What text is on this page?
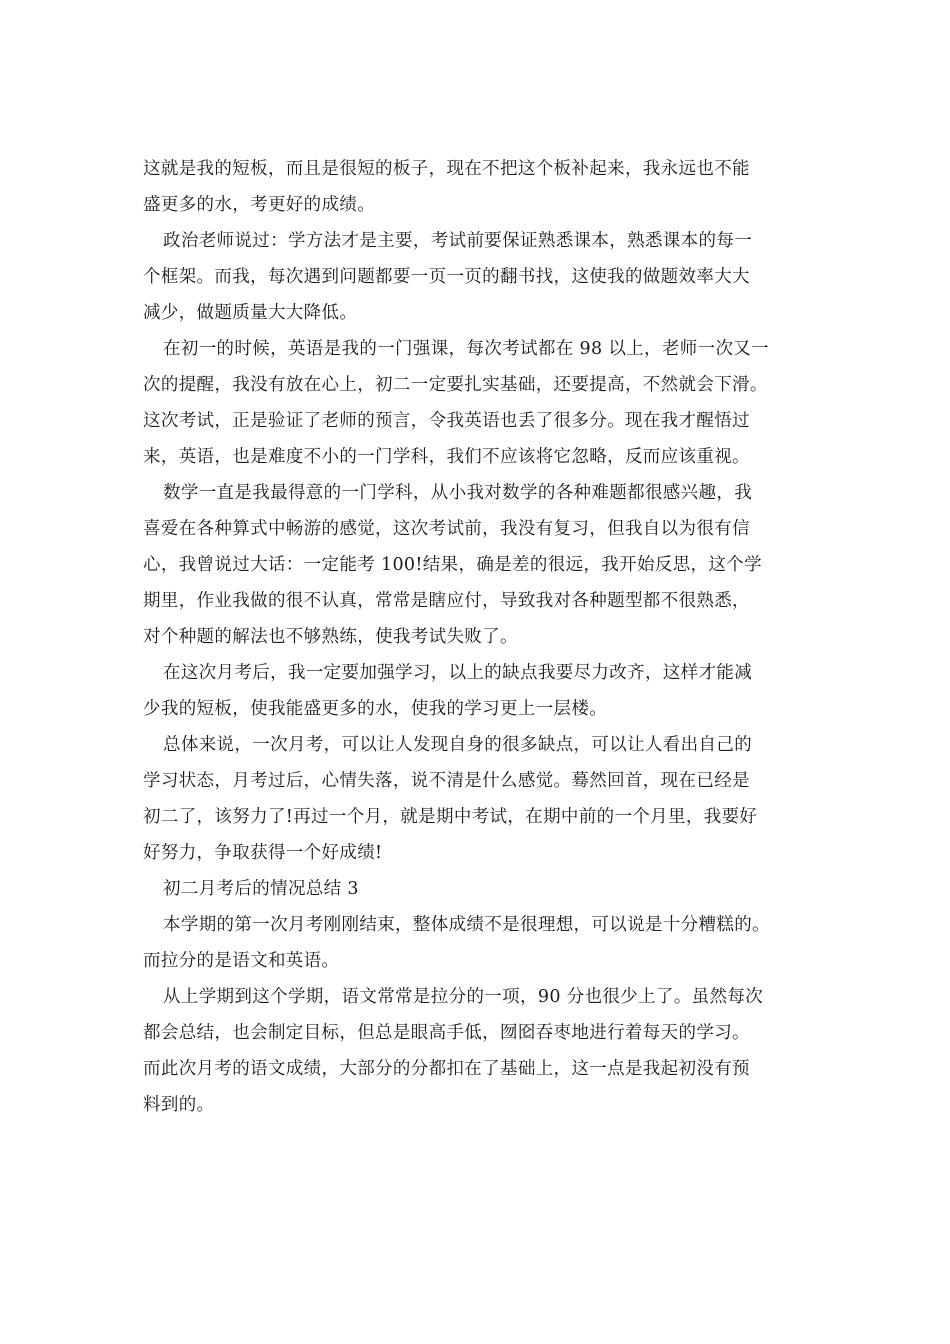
这就是我的短板，而且是很短的板子，现在不把这个板补起来，我永远也不能
盛更多的水，考更好的成绩。
政治老师说过：学方法才是主要，考试前要保证熟悉课本，熟悉课本的每一
个框架。而我，每次遇到问题都要一页一页的翻书找，这使我的做题效率大大
减少，做题质量大大降低。
在初一的时候，英语是我的一门强课，每次考试都在 98 以上，老师一次又一
次的提醒，我没有放在心上，初二一定要扎实基础，还要提高，不然就会下滑。
这次考试，正是验证了老师的预言，令我英语也丢了很多分。现在我才醒悟过
来，英语，也是难度不小的一门学科，我们不应该将它忽略，反而应该重视。
数学一直是我最得意的一门学科，从小我对数学的各种难题都很感兴趣，我
喜爱在各种算式中畅游的感觉，这次考试前，我没有复习，但我自以为很有信
心，我曾说过大话：一定能考 100!结果，确是差的很远，我开始反思，这个学
期里，作业我做的很不认真，常常是瞎应付，导致我对各种题型都不很熟悉，
对个种题的解法也不够熟练，使我考试失败了。
在这次月考后，我一定要加强学习，以上的缺点我要尽力改齐，这样才能减
少我的短板，使我能盛更多的水，使我的学习更上一层楼。
总体来说，一次月考，可以让人发现自身的很多缺点，可以让人看出自己的
学习状态，月考过后，心情失落，说不清是什么感觉。蓦然回首，现在已经是
初二了，该努力了!再过一个月，就是期中考试，在期中前的一个月里，我要好
好努力，争取获得一个好成绩!
初二月考后的情况总结 3
本学期的第一次月考刚刚结束，整体成绩不是很理想，可以说是十分糟糕的。
而拉分的是语文和英语。
从上学期到这个学期，语文常常是拉分的一项，90 分也很少上了。虽然每次
都会总结，也会制定目标，但总是眼高手低，囫囵吞枣地进行着每天的学习。
而此次月考的语文成绩，大部分的分都扣在了基础上，这一点是我起初没有预
料到的。
